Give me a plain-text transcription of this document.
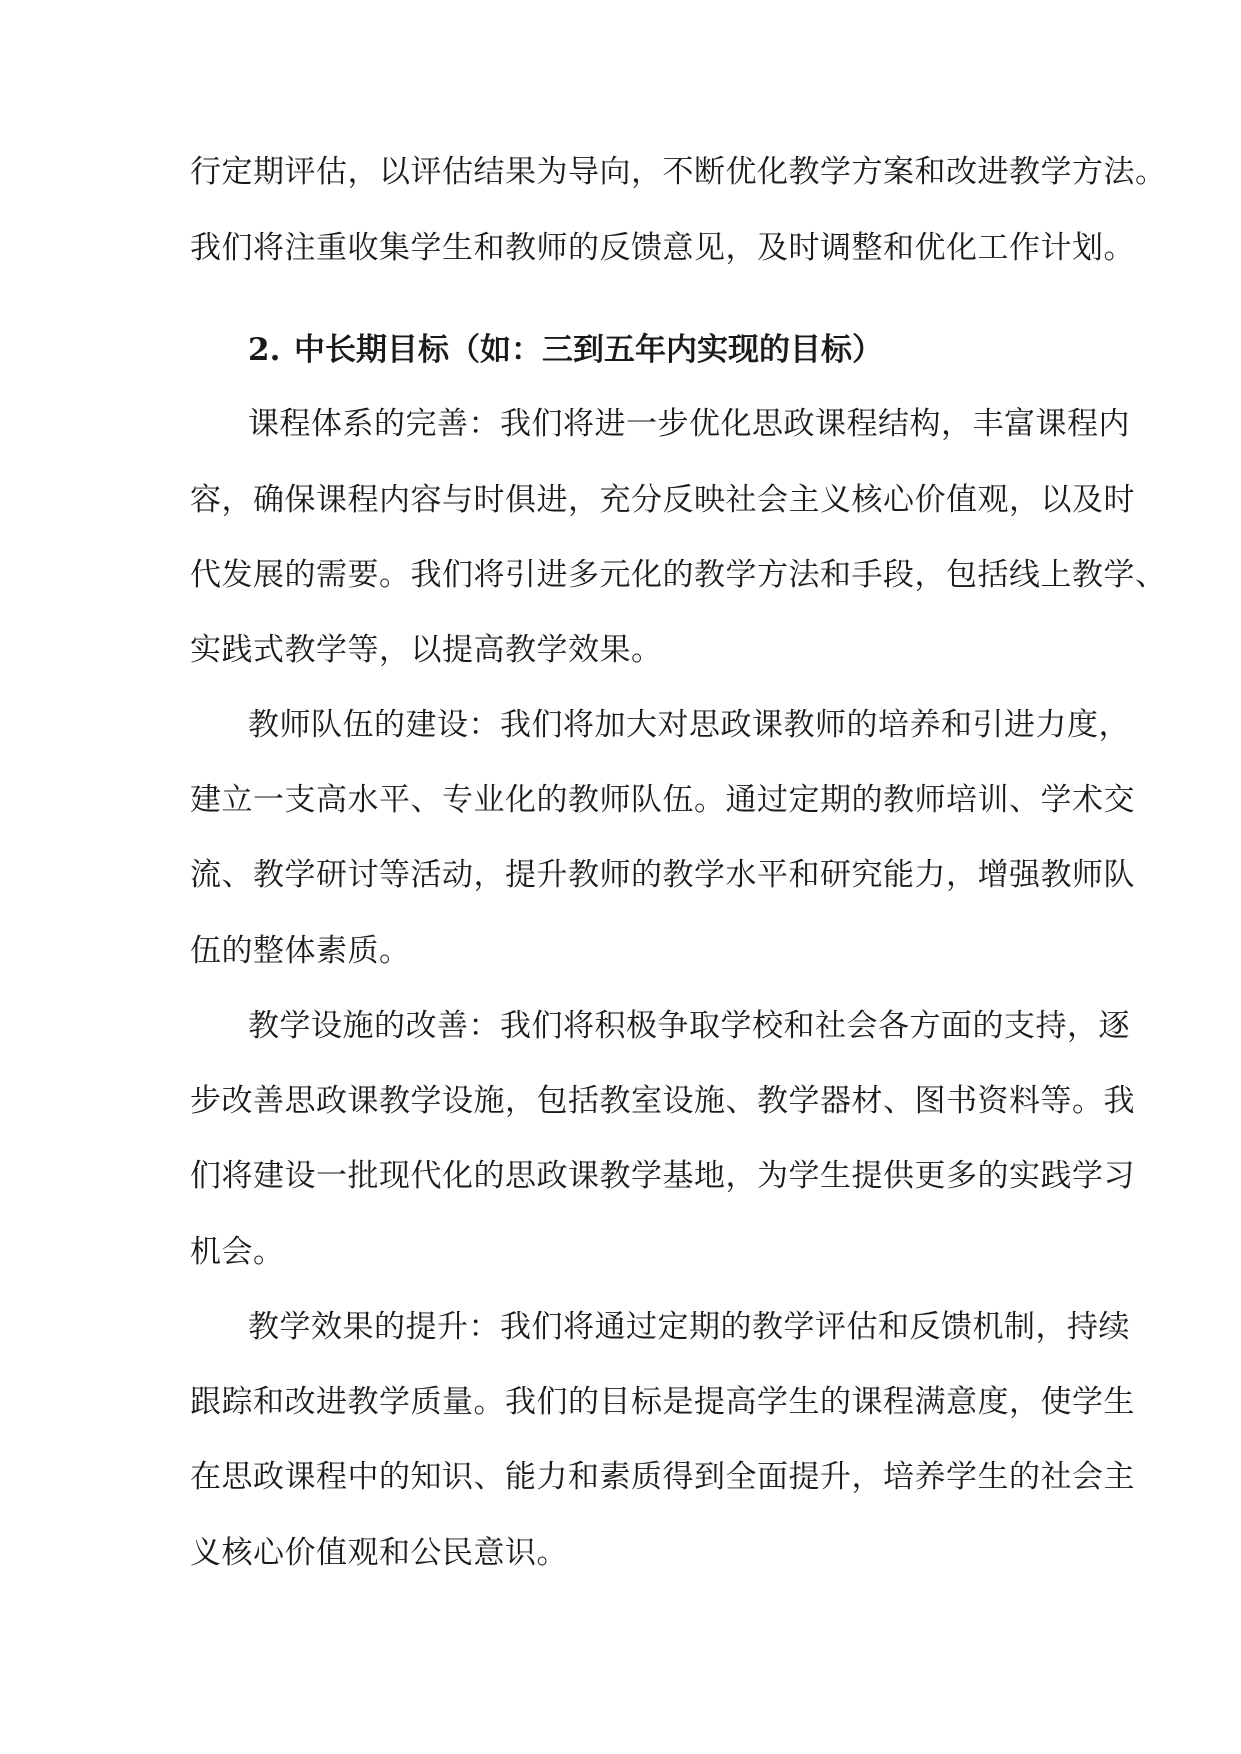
行定期评估，以评估结果为导向，不断优化教学方案和改进教学方法。
我们将注重收集学生和教师的反馈意见，及时调整和优化工作计划。
2. 中长期目标（如：三到五年内实现的目标）
课程体系的完善：我们将进一步优化思政课程结构，丰富课程内
容，确保课程内容与时俱进，充分反映社会主义核心价值观，以及时
代发展的需要。我们将引进多元化的教学方法和手段，包括线上教学、
实践式教学等，以提高教学效果。
教师队伍的建设：我们将加大对思政课教师的培养和引进力度，
建立一支高水平、专业化的教师队伍。通过定期的教师培训、学术交
流、教学研讨等活动，提升教师的教学水平和研究能力，增强教师队
伍的整体素质。
教学设施的改善：我们将积极争取学校和社会各方面的支持，逐
步改善思政课教学设施，包括教室设施、教学器材、图书资料等。我
们将建设一批现代化的思政课教学基地，为学生提供更多的实践学习
机会。
教学效果的提升：我们将通过定期的教学评估和反馈机制，持续
跟踪和改进教学质量。我们的目标是提高学生的课程满意度，使学生
在思政课程中的知识、能力和素质得到全面提升，培养学生的社会主
义核心价值观和公民意识。
